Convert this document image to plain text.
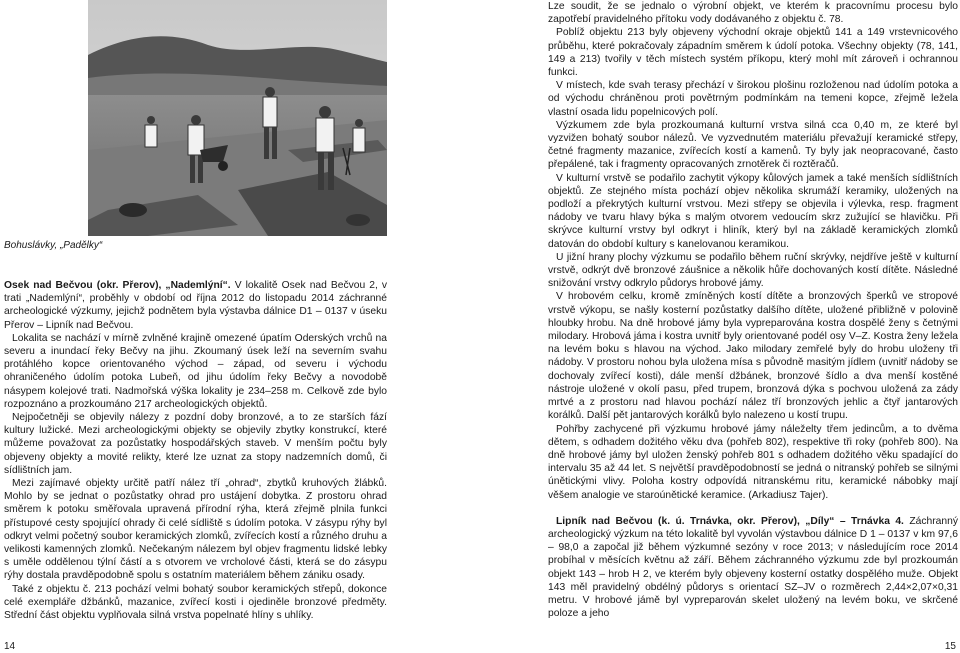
Bohuslávky, „Padělky“

Osek nad Bečvou (okr. Přerov), „Nademlýní“. V lokalitě Osek nad Bečvou 2, v trati „Nademlýní“, proběhly v období od října 2012 do listopadu 2014 záchranné archeologické výzkumy, jejichž podnětem byla výstavba dálnice D1 – 0137 v úseku Přerov – Lipník nad Bečvou.

Lokalita se nachází v mírně zvlněné krajině omezené úpatím Oderských vrchů na severu a inundací řeky Bečvy na jihu. Zkoumaný úsek leží na severním svahu protáhlého kopce orientovaného východ – západ, od severu i východu ohraničeného údolím potoka Lubeň, od jihu údolím řeky Bečvy a novodobě násypem kolejové trati. Nadmořská výška lokality je 234–258 m. Celkově zde bylo rozpoznáno a prozkoumáno 217 archeologických objektů.

Nejpočetněji se objevily nálezy z pozdní doby bronzové, a to ze starších fází kultury lužické. Mezi archeologickými objekty se objevily zbytky konstrukcí, které můžeme považovat za pozůstatky hospodářských staveb. V menším počtu byly objeveny objekty a movité relikty, které lze uznat za stopy nadzemních domů, či sídlištních jam.

Mezi zajímavé objekty určitě patří nález tří „ohrad“, zbytků kruhových žlábků. Mohlo by se jednat o pozůstatky ohrad pro ustájení dobytka. Z prostoru ohrad směrem k potoku směřovala upravená přírodní rýha, která zřejmě plnila funkci přístupové cesty spojující ohrady či celé sídliště s údolím potoka. V zásypu rýhy byl odkryt velmi početný soubor keramických zlomků, zvířecích kostí a různého druhu a velikosti kamenných zlomků. Nečekaným nálezem byl objev fragmentu lidské lebky s uměle oddělenou týlní částí a s otvorem ve vrcholové části, která se do zásypu rýhy dostala pravděpodobně spolu s ostatním materiálem během zániku osady.

Také z objektu č. 213 pochází velmi bohatý soubor keramických střepů, dokonce celé exempláře džbánků, mazanice, zvířecí kosti i ojediněle bronzové předměty. Střední část objektu vyplňovala silná vrstva popelnaté hlíny s uhlíky.

Lze soudit, že se jednalo o výrobní objekt, ve kterém k pracovnímu procesu bylo zapotřebí pravidelného přítoku vody dodávaného z objektu č. 78.

Poblíž objektu 213 byly objeveny východní okraje objektů 141 a 149 vrstevnicového průběhu, které pokračovaly západním směrem k údolí potoka. Všechny objekty (78, 141, 149 a 213) tvořily v těch místech systém příkopu, který mohl mít zároveň i ochrannou funkci.

V místech, kde svah terasy přechází v širokou plošinu rozloženou nad údolím potoka a od východu chráněnou proti povětrným podmínkám na temeni kopce, zřejmě ležela vlastní osada lidu popelnicových polí.

Výzkumem zde byla prozkoumaná kulturní vrstva silná cca 0,40 m, ze které byl vyzvižen bohatý soubor nálezů. Ve vyzvednutém materiálu převažují keramické střepy, četné fragmenty mazanice, zvířecích kostí a kamenů. Ty byly jak neopracované, často přepálené, tak i fragmenty opracovaných zrnotěrek či roztěračů.

V kulturní vrstvě se podařilo zachytit výkopy kůlových jamek a také menších sídlištních objektů. Ze stejného místa pochází objev několika skrumáží keramiky, uložených na podloží a překrytých kulturní vrstvou. Mezi střepy se objevila i výlevka, resp. fragment nádoby ve tvaru hlavy býka s malým otvorem vedoucím skrz zužující se hlavičku. Při skrývce kulturní vrstvy byl odkryt i hliník, který byl na základě keramických zlomků datován do období kultury s kanelovanou keramikou.

U jižní hrany plochy výzkumu se podařilo během ruční skrývky, nejdříve ještě v kulturní vrstvě, odkrýt dvě bronzové záušnice a několik hůře dochovaných kostí dítěte. Následné snižování vrstvy odkrylo půdorys hrobové jámy.

V hrobovém celku, kromě zmíněných kostí dítěte a bronzových šperků ve stropové vrstvě výkopu, se našly kosterní pozůstatky dalšího dítěte, uložené přibližně v polovině hloubky hrobu. Na dně hrobové jámy byla vypreparována kostra dospělé ženy s četnými milodary. Hrobová jáma i kostra uvnitř byly orientované podél osy V–Z. Kostra ženy ležela na levém boku s hlavou na východ. Jako milodary zemřelé byly do hrobu uloženy tři nádoby. V prostoru nohou byla uložena mísa s původně masitým jídlem (uvnitř nádoby se dochovaly zvířecí kosti), dále menší džbánek, bronzové šídlo a dva menší kostěné nástroje uložené v okolí pasu, před trupem, bronzová dýka s pochvou uložená za zády mrtvé a z prostoru nad hlavou pochází nález tří bronzových jehlic a čtyř jantarových korálků. Další pět jantarových korálků bylo nalezeno u kostí trupu.

Pohřby zachycené při výzkumu hrobové jámy náleželty třem jedincům, a to dvěma dětem, s odhadem dožitého věku dva (pohřeb 802), respektive tři roky (pohřeb 800). Na dně hrobové jámy byl uložen ženský pohřeb 801 s odhadem dožitého věku spadající do intervalu 35 až 44 let. S největší pravděpodobností se jedná o nitranský pohřeb se silnými únětickými vlivy. Poloha kostry odpovídá nitranskému ritu, keramické nábobky mají věšem analogie ve staroúnětické keramice. (Arkadiusz Tajer).

Lipník nad Bečvou (k. ú. Trnávka, okr. Přerov), „Díly“ – Trnávka 4. Záchranný archeologický výzkum na této lokalitě byl vyvolán výstavbou dálnice D 1 – 0137 v km 97,6 – 98,0 a započal již během výzkumné sezóny v roce 2013; v následujícím roce 2014 probíhal v měsících květnu až září. Během záchranného výzkumu zde byl prozkoumán objekt 143 – hrob H 2, ve kterém byly objeveny kosterní ostatky dospělého muže. Objekt 143 měl pravidelný obdélný půdorys s orientací SZ–JV o rozměrech 2,44×2,07×0,31 metru. V hrobové jámě byl vypreparován skelet uložený na levém boku, ve skrčené poloze a jeho

14	15
